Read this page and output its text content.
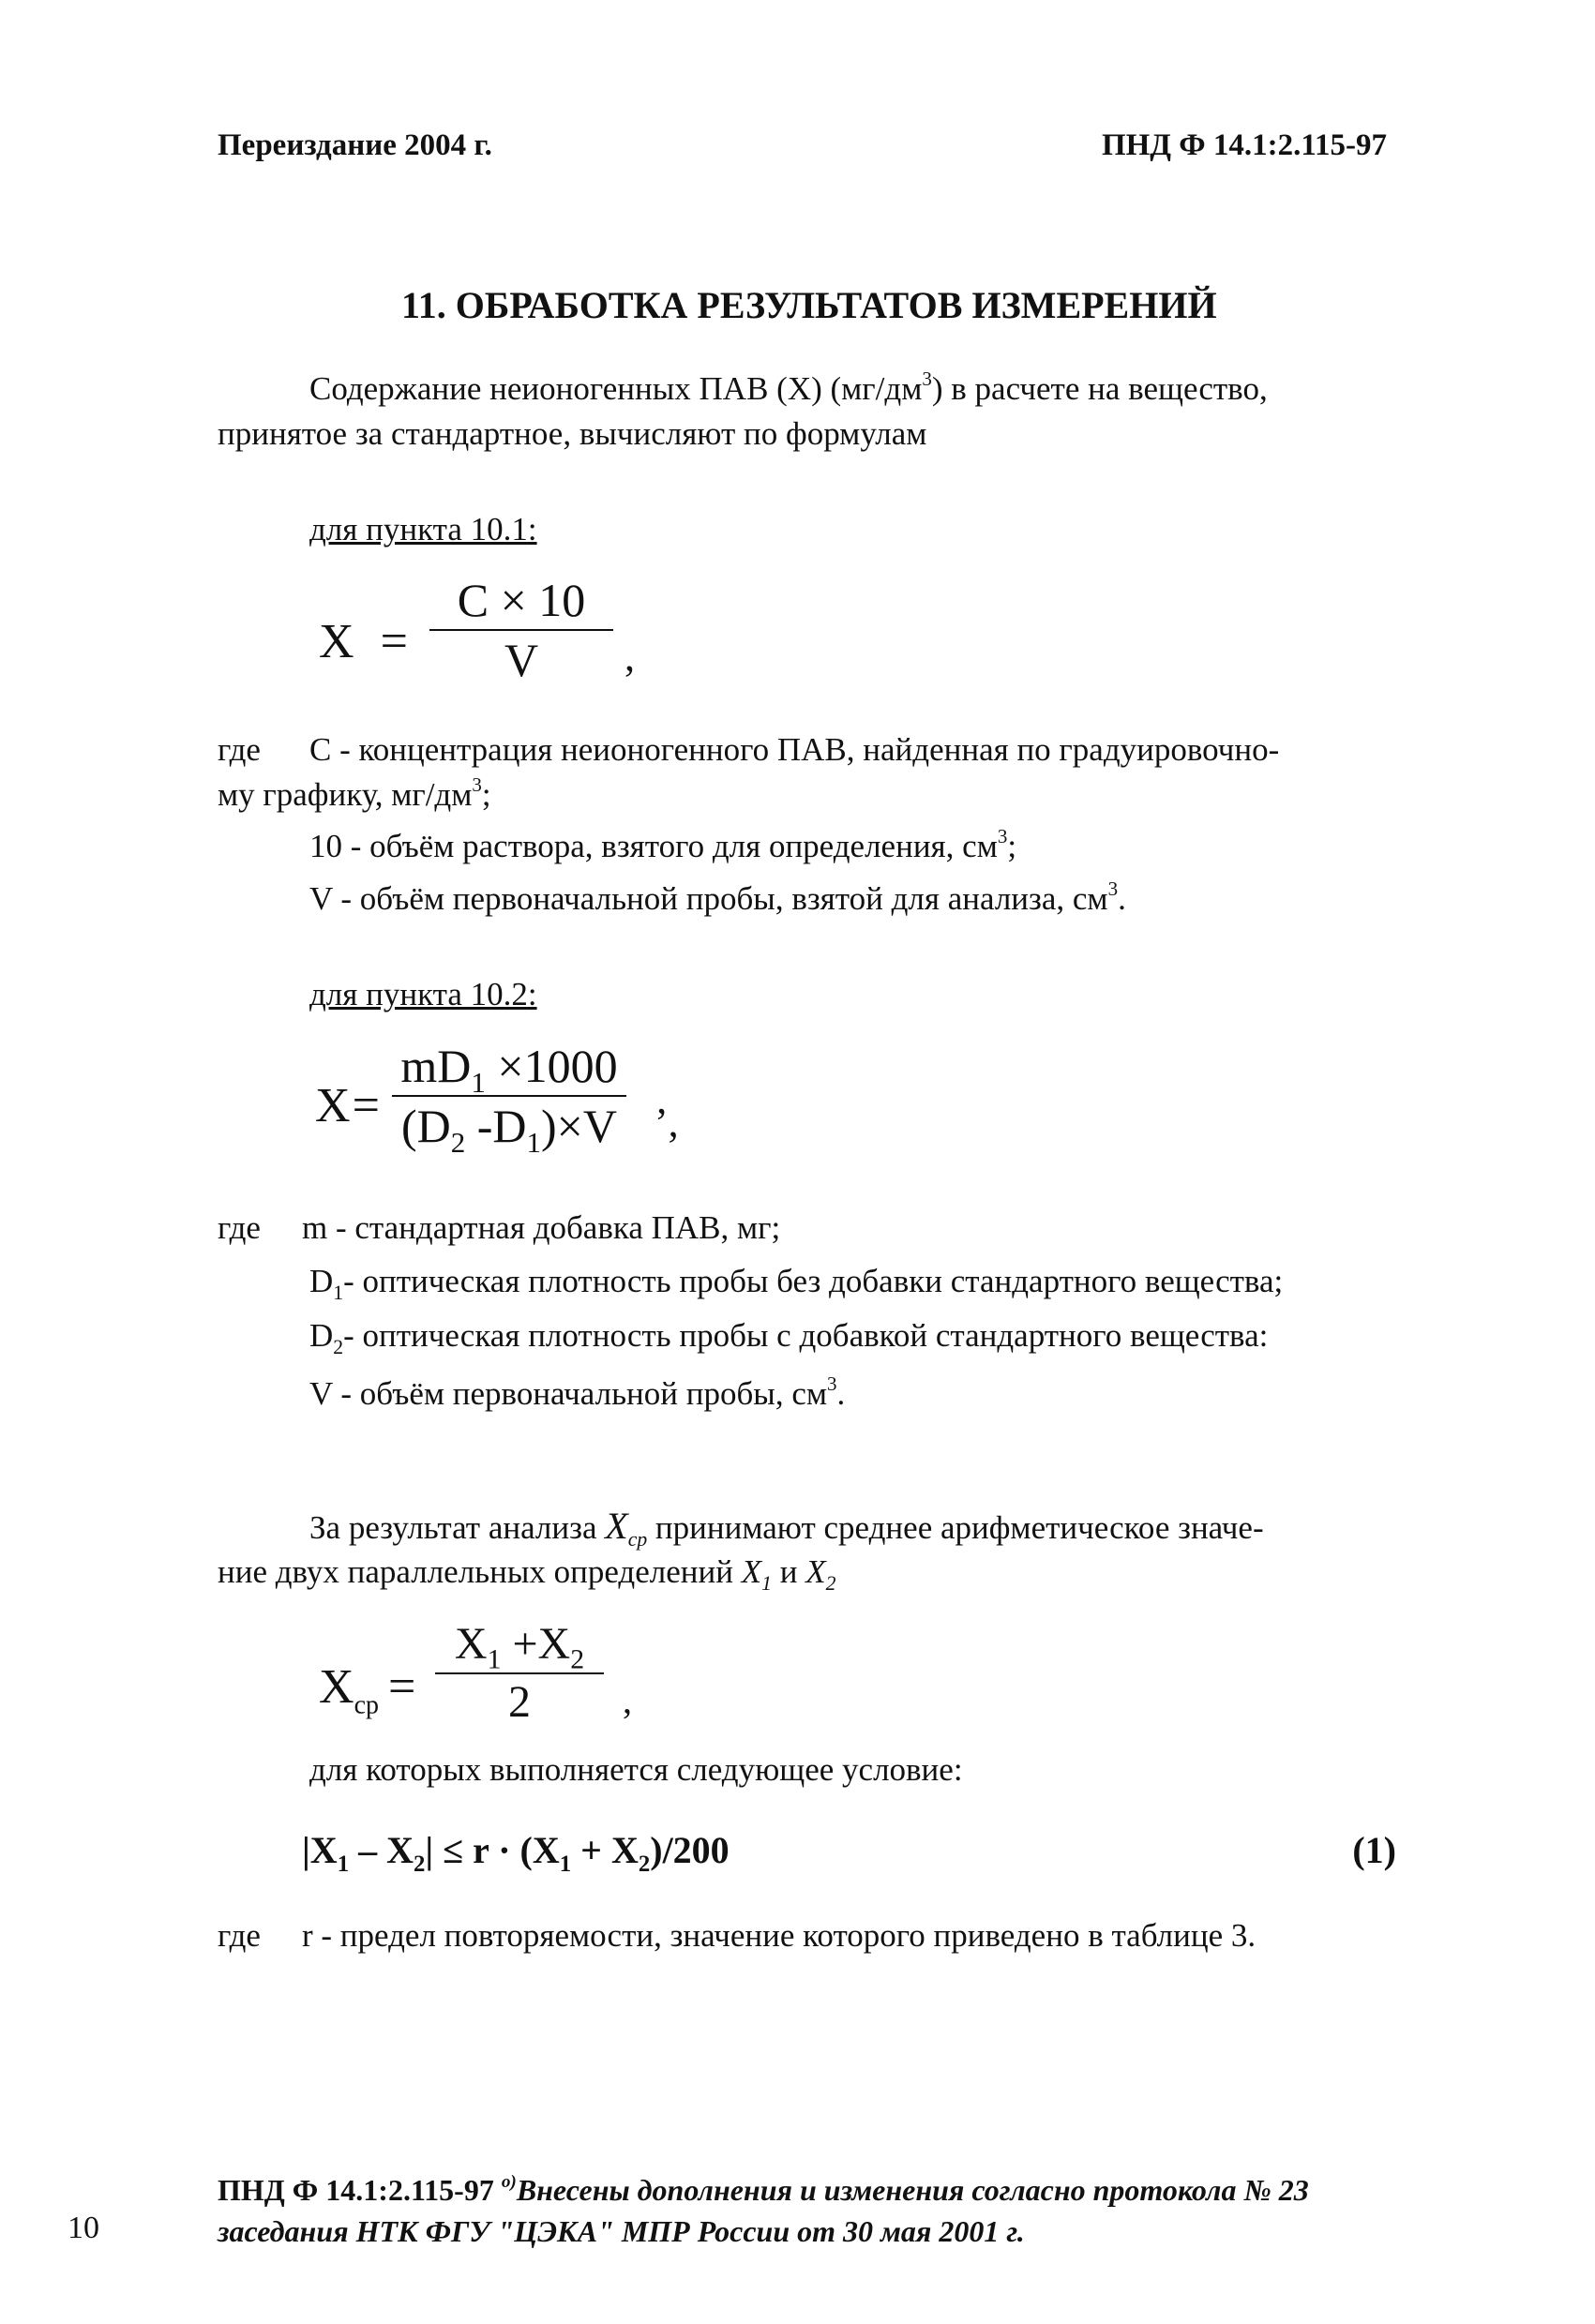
Переиздание 2004 г.	ПНД Ф 14.1:2.115-97
11. ОБРАБОТКА РЕЗУЛЬТАТОВ ИЗМЕРЕНИЙ
Содержание неионогенных ПАВ (Х) $(мг/дм^3)$ в расчете на вещество,
принятое за стандартное, вычисляют по формулам
для пункта 10.1:
X =
C × 10
V ,
где C - концентрация неионогенного ПАВ, найденная по градуировочно-
му графику, $мг/дм^3$;
10 - объём раствора, взятого для определения, $см^3$;
V - объём первоначальной пробы, взятой для анализа, $см^3$.
для пункта 10.2:
X=
$mD_1 \times 1000$
($D_2$ $-D_1)\times V$ ’,
где m - стандартная добавка ПАВ, мг;
$D_1-$ оптическая плотность пробы без добавки стандартного вещества;
$D_2-$ оптическая плотность пробы с добавкой стандартного вещества:
V - объём первоначальной пробы, $см^3$.
За результат анализа $X_{ср}$ принимают среднее арифметическое значе-
ние двух параллельных определений $X_1$ и $X_2$
$X_{ср}$ =
$X_1 +X_2$
2 ,
для которых выполняется следующее условие:
$|X_1 - X_2| \le r \cdot (X_1 + X_2)/200$	(1)
где r - предел повторяемости, значение которого приведено в таблице 3.
ПНД Ф 14.1:2.115-97 $^{о)}$Внесены дополнения и изменения согласно протокола № 23 заседания НТК ФГУ "ЦЭКА" МПР России от 30 мая 2001 г.
10
